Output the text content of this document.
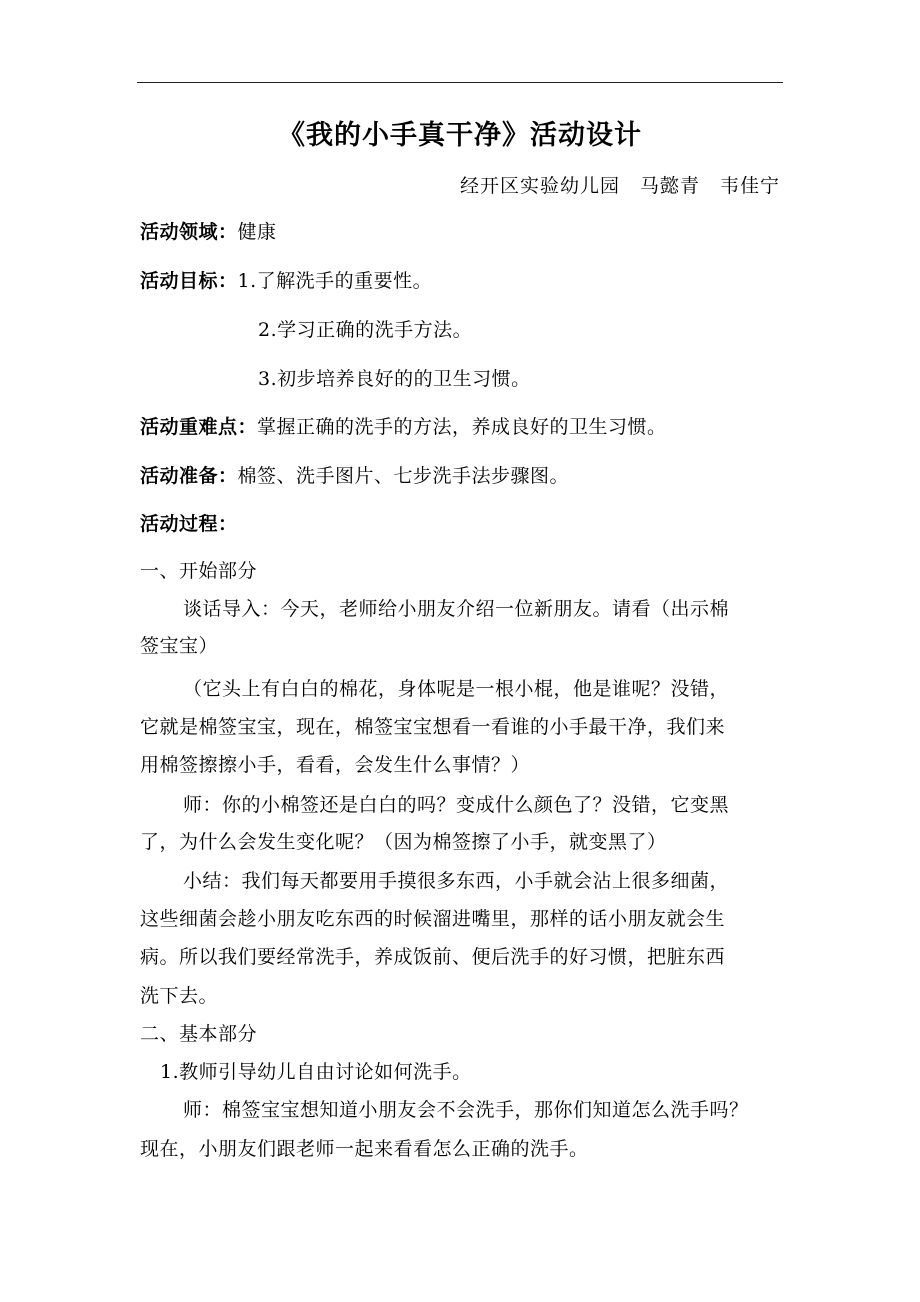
《我的小手真干净》活动设计
经开区实验幼儿园　马懿青　韦佳宁
活动领域：健康
活动目标：1.了解洗手的重要性。
2.学习正确的洗手方法。
3.初步培养良好的的卫生习惯。
活动重难点：掌握正确的洗手的方法，养成良好的卫生习惯。
活动准备：棉签、洗手图片、七步洗手法步骤图。
活动过程：
一、开始部分
谈话导入：今天，老师给小朋友介绍一位新朋友。请看（出示棉
签宝宝）
（它头上有白白的棉花，身体呢是一根小棍，他是谁呢？没错，
它就是棉签宝宝，现在，棉签宝宝想看一看谁的小手最干净，我们来
用棉签擦擦小手，看看，会发生什么事情？）
师：你的小棉签还是白白的吗？变成什么颜色了？没错，它变黑
了，为什么会发生变化呢？（因为棉签擦了小手，就变黑了）
小结：我们每天都要用手摸很多东西，小手就会沾上很多细菌，
这些细菌会趁小朋友吃东西的时候溜进嘴里，那样的话小朋友就会生
病。所以我们要经常洗手，养成饭前、便后洗手的好习惯，把脏东西
洗下去。
二、基本部分
1.教师引导幼儿自由讨论如何洗手。
师：棉签宝宝想知道小朋友会不会洗手，那你们知道怎么洗手吗？
现在，小朋友们跟老师一起来看看怎么正确的洗手。
